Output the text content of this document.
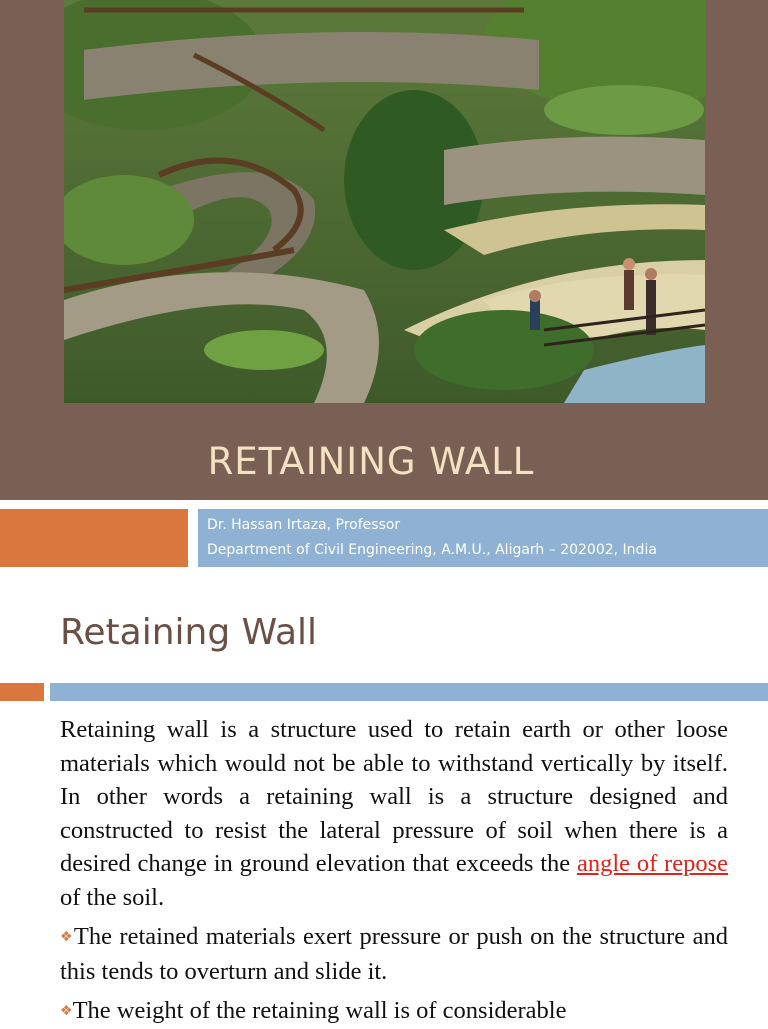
RETAINING WALL
Dr. Hassan Irtaza, Professor
Department of Civil Engineering, A.M.U., Aligarh – 202002, India
Retaining Wall

Retaining wall is a structure used to retain earth or other loose materials which would not be able to withstand vertically by itself. In other words a retaining wall is a structure designed and constructed to resist the lateral pressure of soil when there is a desired change in ground elevation that exceeds the angle of repose of the soil.

❖The retained materials exert pressure or push on the structure and this tends to overturn and slide it.

❖The weight of the retaining wall is of considerable
